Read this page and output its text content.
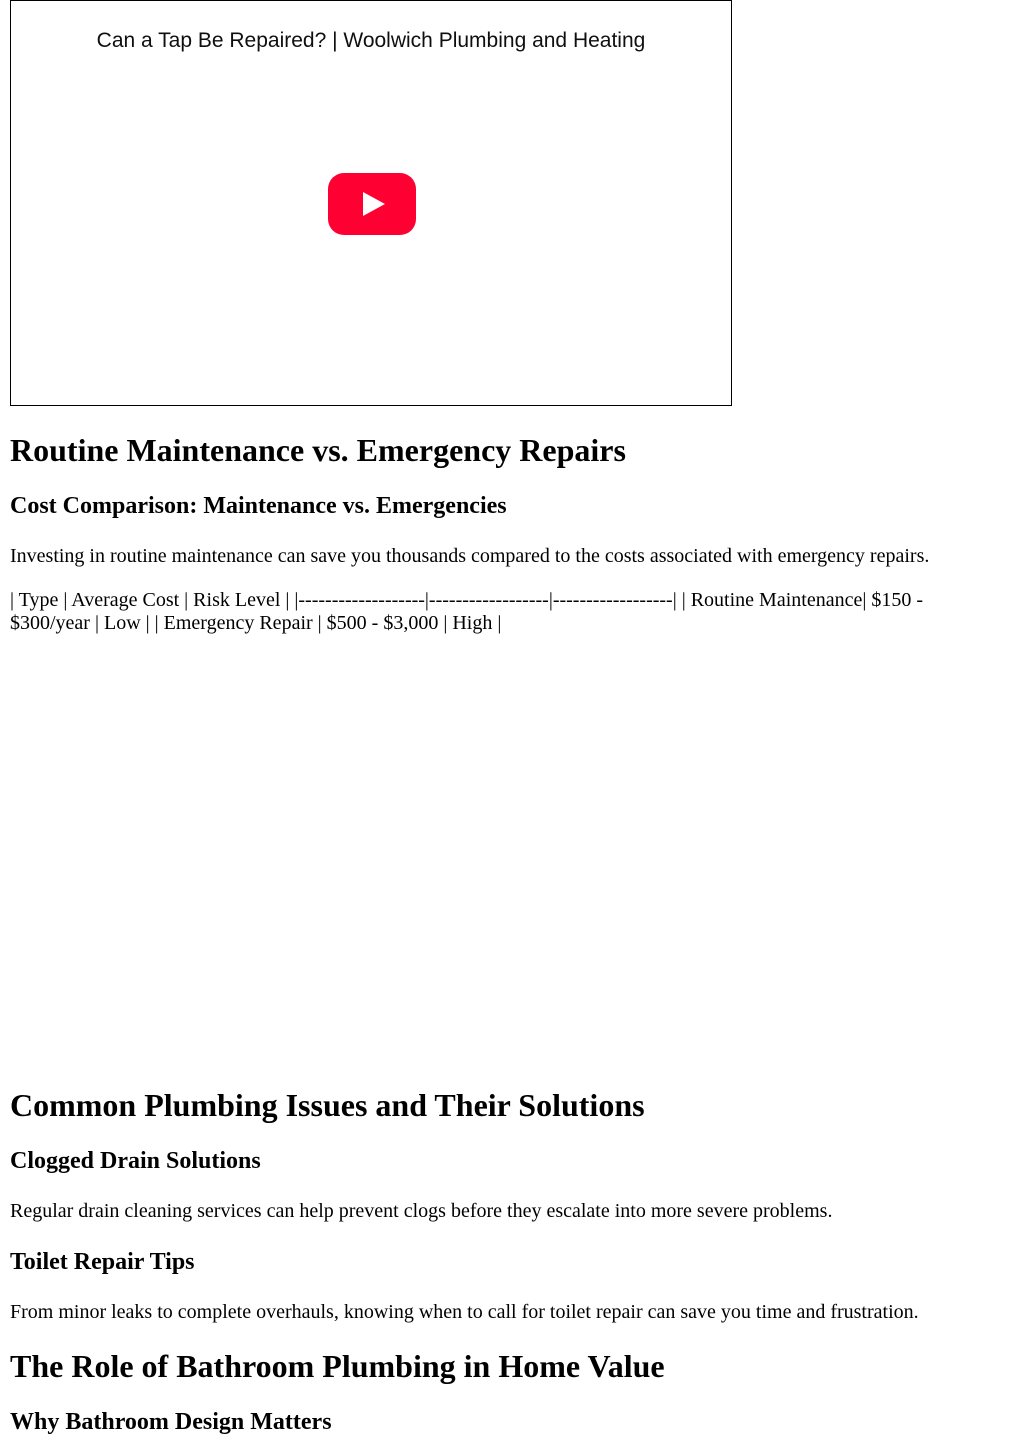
Can a Tap Be Repaired? | Woolwich Plumbing and Heating
Routine Maintenance vs. Emergency Repairs
Cost Comparison: Maintenance vs. Emergencies

Investing in routine maintenance can save you thousands compared to the costs associated with emergency repairs.

| Type | Average Cost | Risk Level | |-------------------|------------------|------------------| | Routine Maintenance| $150 - $300/year | Low | | Emergency Repair | $500 - $3,000 | High |

Common Plumbing Issues and Their Solutions
Clogged Drain Solutions

Regular drain cleaning services can help prevent clogs before they escalate into more severe problems.

Toilet Repair Tips

From minor leaks to complete overhauls, knowing when to call for toilet repair can save you time and frustration.

The Role of Bathroom Plumbing in Home Value
Why Bathroom Design Matters
